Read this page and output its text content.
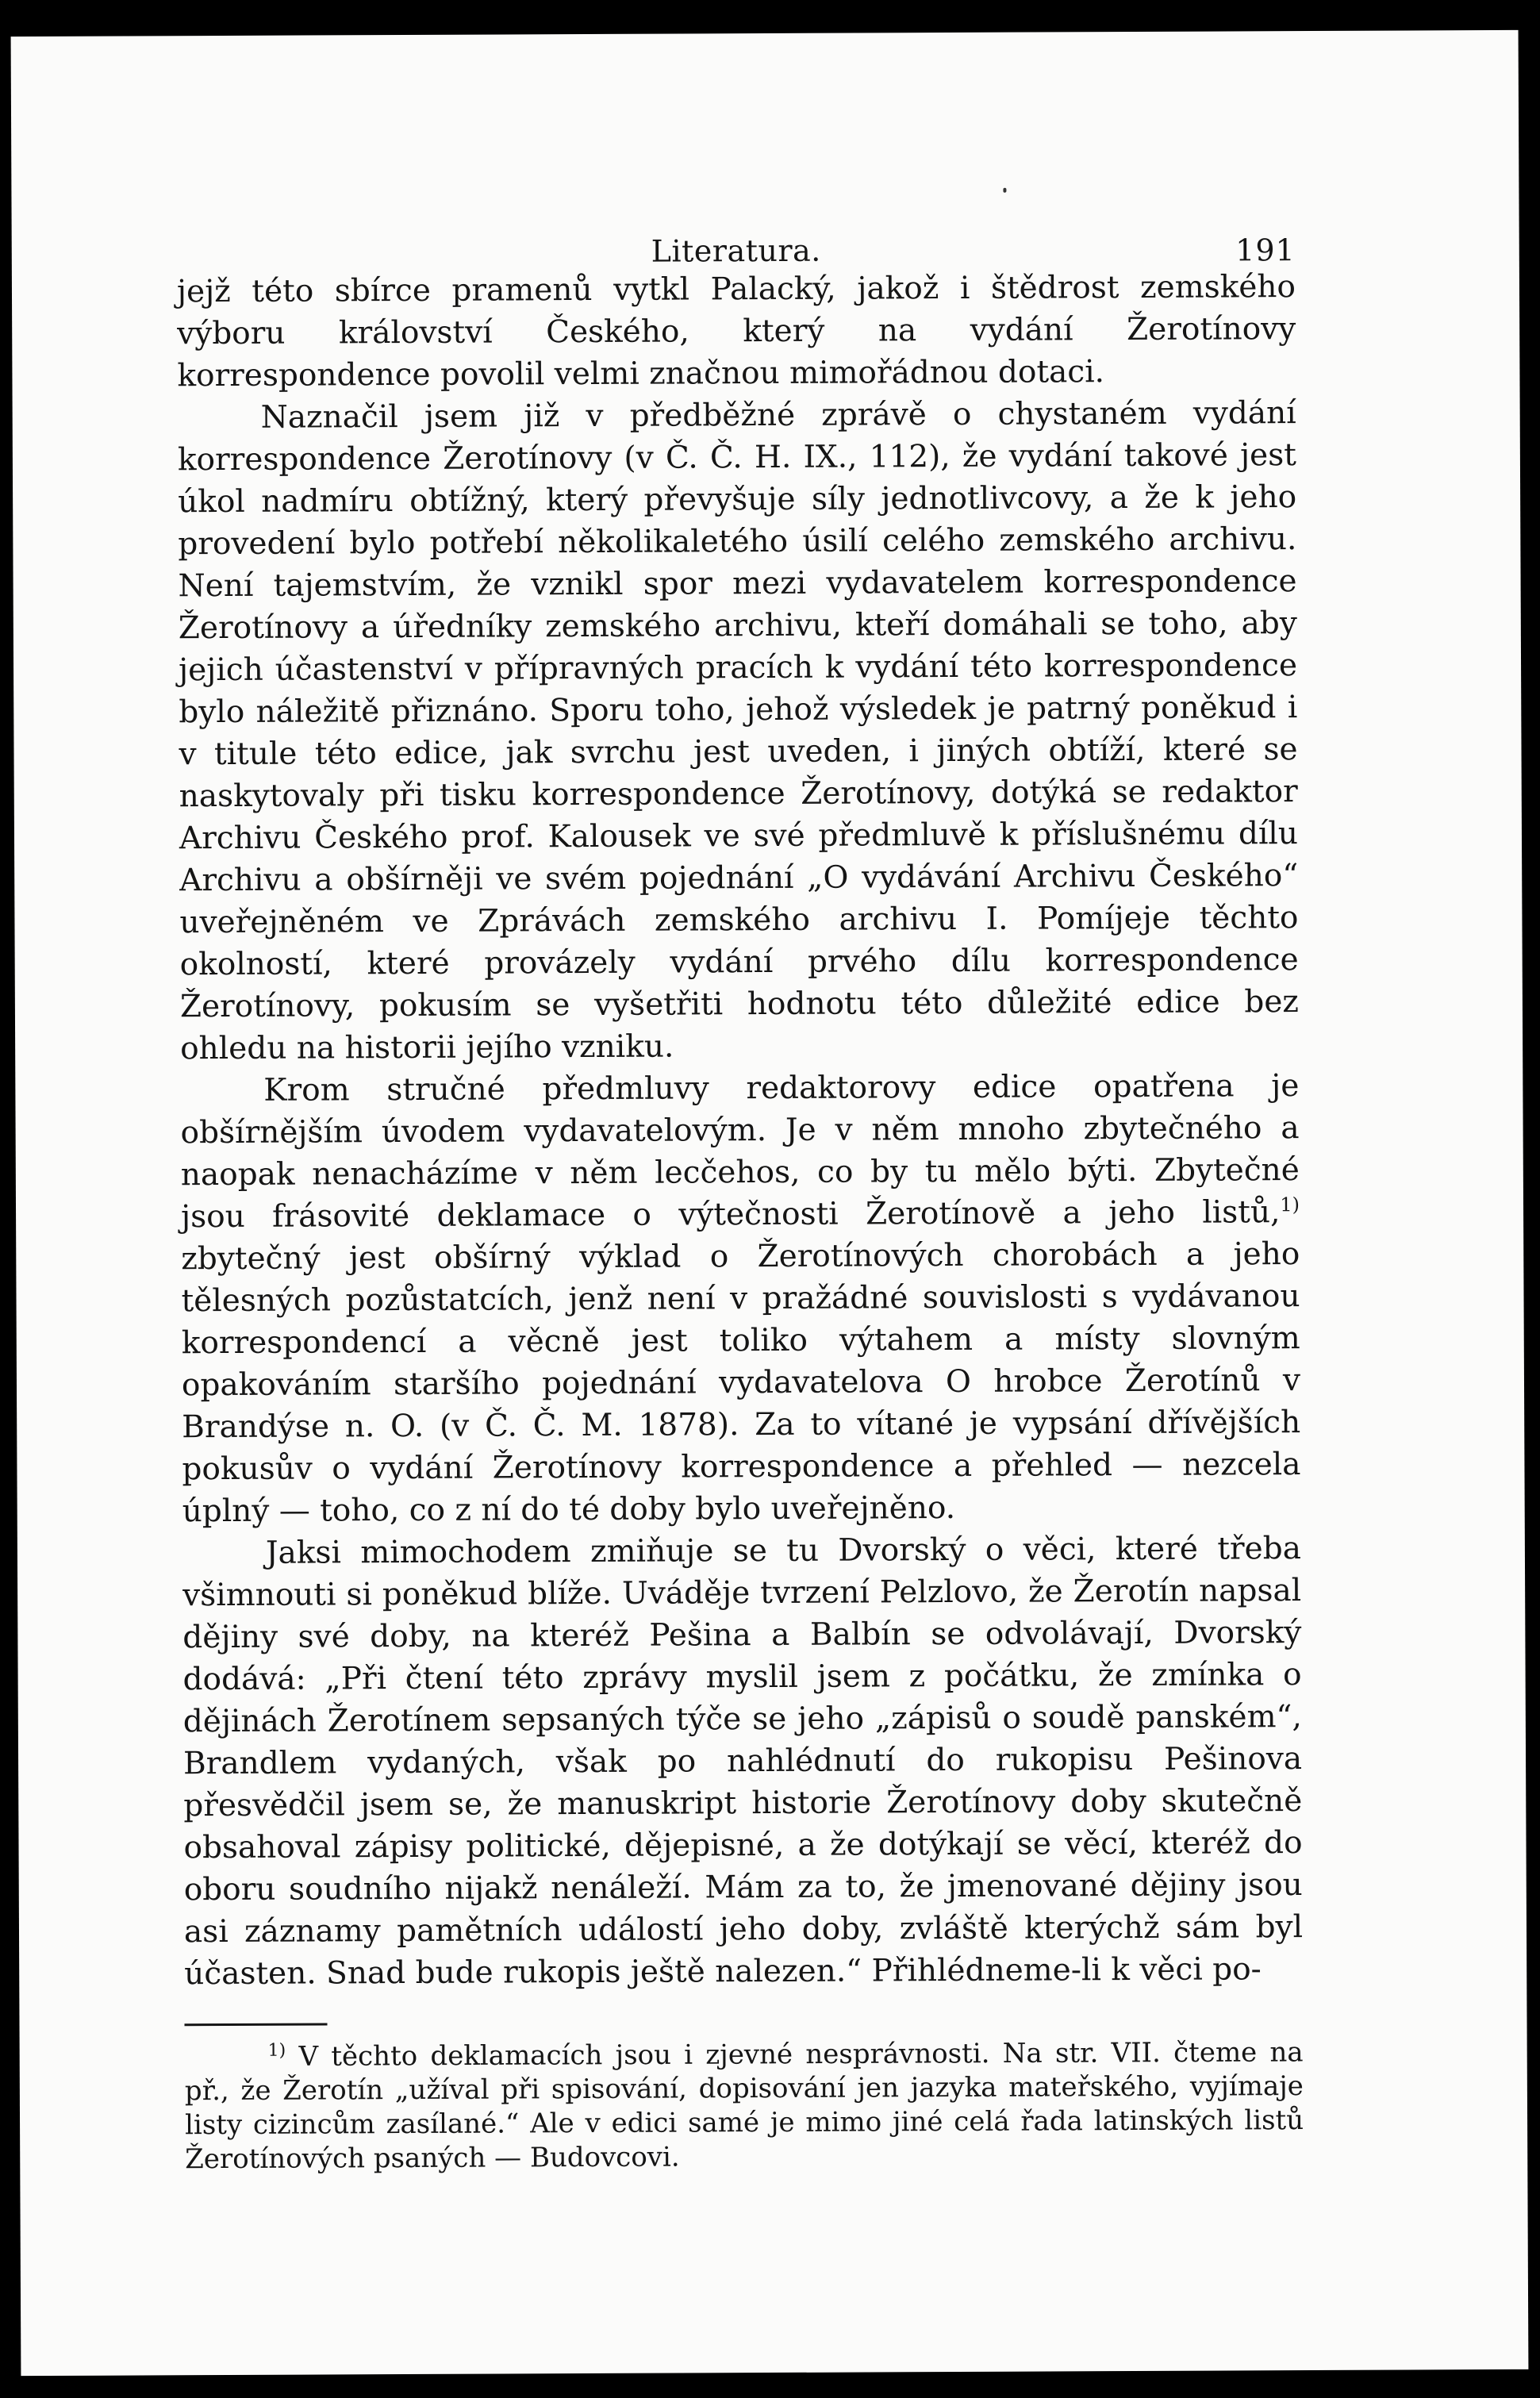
Literatura.	191

jejž této sbírce pramenů vytkl Palacký, jakož i štědrost zemského výboru království Českého, který na vydání Žerotínovy korrespondence povolil velmi značnou mimořádnou dotaci.

Naznačil jsem již v předběžné zprávě o chystaném vydání korrespondence Žerotínovy (v Č. Č. H. IX., 112), že vydání takové jest úkol nadmíru obtížný, který převyšuje síly jednotlivcovy, a že k jeho provedení bylo potřebí několikaletého úsilí celého zemského archivu. Není tajemstvím, že vznikl spor mezi vydavatelem korrespondence Žerotínovy a úředníky zemského archivu, kteří domáhali se toho, aby jejich účastenství v přípravných pracích k vydání této korrespondence bylo náležitě přiznáno. Sporu toho, jehož výsledek je patrný poněkud i v titule této edice, jak svrchu jest uveden, i jiných obtíží, které se naskytovaly při tisku korrespondence Žerotínovy, dotýká se redaktor Archivu Českého prof. Kalousek ve své předmluvě k příslušnému dílu Archivu a obšírněji ve svém pojednání „O vydávání Archivu Českého“ uveřejněném ve Zprávách zemského archivu I. Pomíjeje těchto okolností, které provázely vydání prvého dílu korrespondence Žerotínovy, pokusím se vyšetřiti hodnotu této důležité edice bez ohledu na historii jejího vzniku.

Krom stručné předmluvy redaktorovy edice opatřena je obšírnějším úvodem vydavatelovým. Je v něm mnoho zbytečného a naopak nenacházíme v něm lecčehos, co by tu mělo býti. Zbytečné jsou frásovité deklamace o výtečnosti Žerotínově a jeho listů,$^{1)}$ zbytečný jest obšírný výklad o Žerotínových chorobách a jeho tělesných pozůstatcích, jenž není v pražádné souvislosti s vydávanou korrespondencí a věcně jest toliko výtahem a místy slovným opakováním staršího pojednání vydavatelova O hrobce Žerotínů v Brandýse n. O. (v Č. Č. M. 1878). Za to vítané je vypsání dřívějších pokusův o vydání Žerotínovy korrespondence a přehled — nezcela úplný — toho, co z ní do té doby bylo uveřejněno.

Jaksi mimochodem zmiňuje se tu Dvorský o věci, které třeba všimnouti si poněkud blíže. Uváděje tvrzení Pelzlovo, že Žerotín napsal dějiny své doby, na kteréž Pešina a Balbín se odvolávají, Dvorský dodává: „Při čtení této zprávy myslil jsem z počátku, že zmínka o dějinách Žerotínem sepsaných týče se jeho „zápisů o soudě panském“, Brandlem vydaných, však po nahlédnutí do rukopisu Pešinova přesvědčil jsem se, že manuskript historie Žerotínovy doby skutečně obsahoval zápisy politické, dějepisné, a že dotýkají se věcí, kteréž do oboru soudního nijakž nenáleží. Mám za to, že jmenované dějiny jsou asi záznamy pamětních událostí jeho doby, zvláště kterýchž sám byl účasten. Snad bude rukopis ještě nalezen.“ Přihlédneme-li k věci po-

$^{1)}$ V těchto deklamacích jsou i zjevné nesprávnosti. Na str. VII. čteme na př., že Žerotín „užíval při spisování, dopisování jen jazyka mateřského, vyjímaje listy cizincům zasílané.“ Ale v edici samé je mimo jiné celá řada latinských listů Žerotínových psaných — Budovcovi.
